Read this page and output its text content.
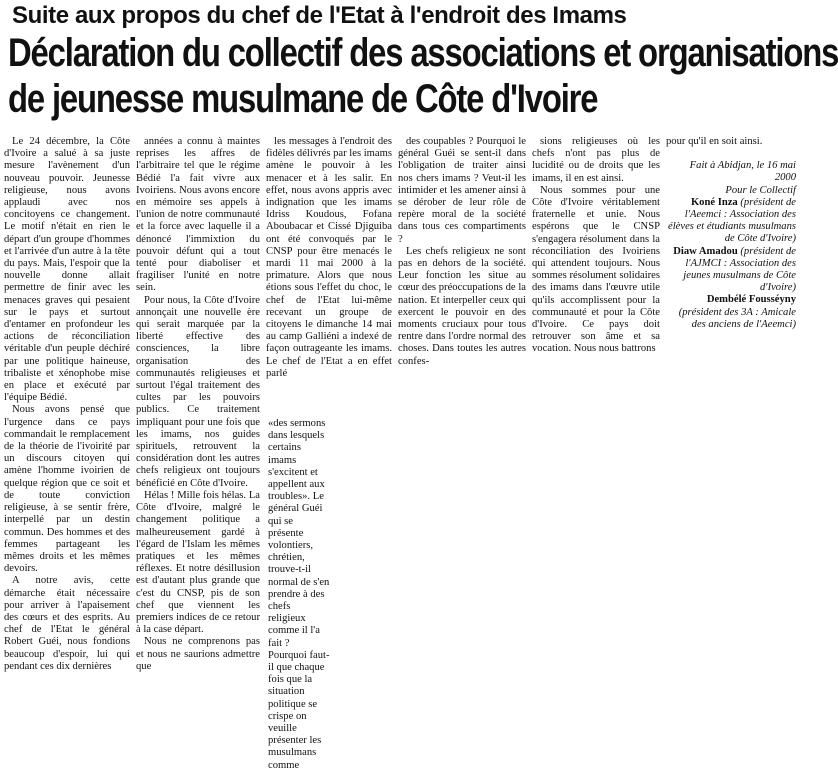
Suite aux propos du chef de l'Etat à l'endroit des Imams
Déclaration du collectif des associations et organisations
de jeunesse musulmane de Côte d'Ivoire

Le 24 décembre, la Côte d'Ivoire a salué à sa juste mesure l'avènement d'un nouveau pouvoir. Jeunesse religieuse, nous avons applaudi avec nos concitoyens ce changement. Le motif n'était en rien le départ d'un groupe d'hommes et l'arrivée d'un autre à la tête du pays. Mais, l'espoir que la nouvelle donne allait permettre de finir avec les menaces graves qui pesaient sur le pays et surtout d'entamer en profondeur les actions de réconciliation véritable d'un peuple déchiré par une politique haineuse, tribaliste et xénophobe mise en place et exécuté par l'équipe Bédié.

Nous avons pensé que l'urgence dans ce pays commandait le remplacement de la théorie de l'ivoirité par un discours citoyen qui amène l'homme ivoirien de quelque région que ce soit et de toute conviction religieuse, à se sentir frère, interpellé par un destin commun. Des hommes et des femmes partageant les mêmes droits et les mêmes devoirs.

A notre avis, cette démarche était nécessaire pour arriver à l'apaisement des cœurs et des esprits. Au chef de l'Etat le général Robert Guéi, nous fondions beaucoup d'espoir, lui qui pendant ces dix dernières

années a connu à maintes reprises les affres de l'arbitraire tel que le régime Bédié l'a fait vivre aux Ivoiriens. Nous avons encore en mémoire ses appels à l'union de notre communauté et la force avec laquelle il a dénoncé l'immixtion du pouvoir défunt qui a tout tenté pour diaboliser et fragiliser l'unité en notre sein.

Pour nous, la Côte d'Ivoire annonçait une nouvelle ère qui serait marquée par la liberté effective des consciences, la libre organisation des communautés religieuses et surtout l'égal traitement des cultes par les pouvoirs publics. Ce traitement impliquant pour une fois que les imams, nos guides spirituels, retrouvent la considération dont les autres chefs religieux ont toujours bénéficié en Côte d'Ivoire.

Hélas ! Mille fois hélas. La Côte d'Ivoire, malgré le changement politique a malheureusement gardé à l'égard de l'Islam les mêmes pratiques et les mêmes réflexes. Et notre désillusion est d'autant plus grande que c'est du CNSP, pis de son chef que viennent les premiers indices de ce retour à la case départ.

Nous ne comprenons pas et nous ne saurions admettre que

les messages à l'endroit des fidèles délivrés par les imams amène le pouvoir à les menacer et à les salir. En effet, nous avons appris avec indignation que les imams Idriss Koudous, Fofana Aboubacar et Cissé Djiguiba ont été convoqués par le CNSP pour être menacés le mardi 11 mai 2000 à la primature. Alors que nous étions sous l'effet du choc, le chef de l'Etat lui-même recevant un groupe de citoyens le dimanche 14 mai au camp Galliéni a indexé de façon outrageante les imams. Le chef de l'Etat a en effet parlé

«des sermons dans lesquels certains imams s'excitent et appellent aux troubles». Le général Guéi qui se présente volontiers, chrétien, trouve-t-il normal de s'en prendre à des chefs religieux comme il l'a fait ? Pourquoi faut-il que chaque fois que la situation politique se crispe on veuille présenter les musulmans comme

des coupables ? Pourquoi le général Guéi se sent-il dans l'obligation de traiter ainsi nos chers imams ? Veut-il les intimider et les amener ainsi à se dérober de leur rôle de repère moral de la société dans tous ces compartiments ?

Les chefs religieux ne sont pas en dehors de la société. Leur fonction les situe au cœur des préoccupations de la nation. Et interpeller ceux qui exercent le pouvoir en des moments cruciaux pour tous rentre dans l'ordre normal des choses. Dans toutes les autres confes-

sions religieuses où les chefs n'ont pas plus de lucidité ou de droits que les imams, il en est ainsi.

Nous sommes pour une Côte d'Ivoire véritablement fraternelle et unie. Nous espérons que le CNSP s'engagera résolument dans la réconciliation des Ivoiriens qui attendent toujours. Nous sommes résolument solidaires des imams dans l'œuvre utile qu'ils accomplissent pour la communauté et pour la Côte d'Ivoire. Ce pays doit retrouver son âme et sa vocation. Nous nous battrons

pour qu'il en soit ainsi.

Fait à Abidjan, le 16 mai 2000

Pour le Collectif

Koné Inza (président de l'Aeemci : Association des élèves et étudiants musulmans de Côte d'Ivoire)

Diaw Amadou (président de l'AJMCI : Association des jeunes musulmans de Côte d'Ivoire)

Dembélé Fousséyny (président des 3A : Amicale des anciens de l'Aeemci)
